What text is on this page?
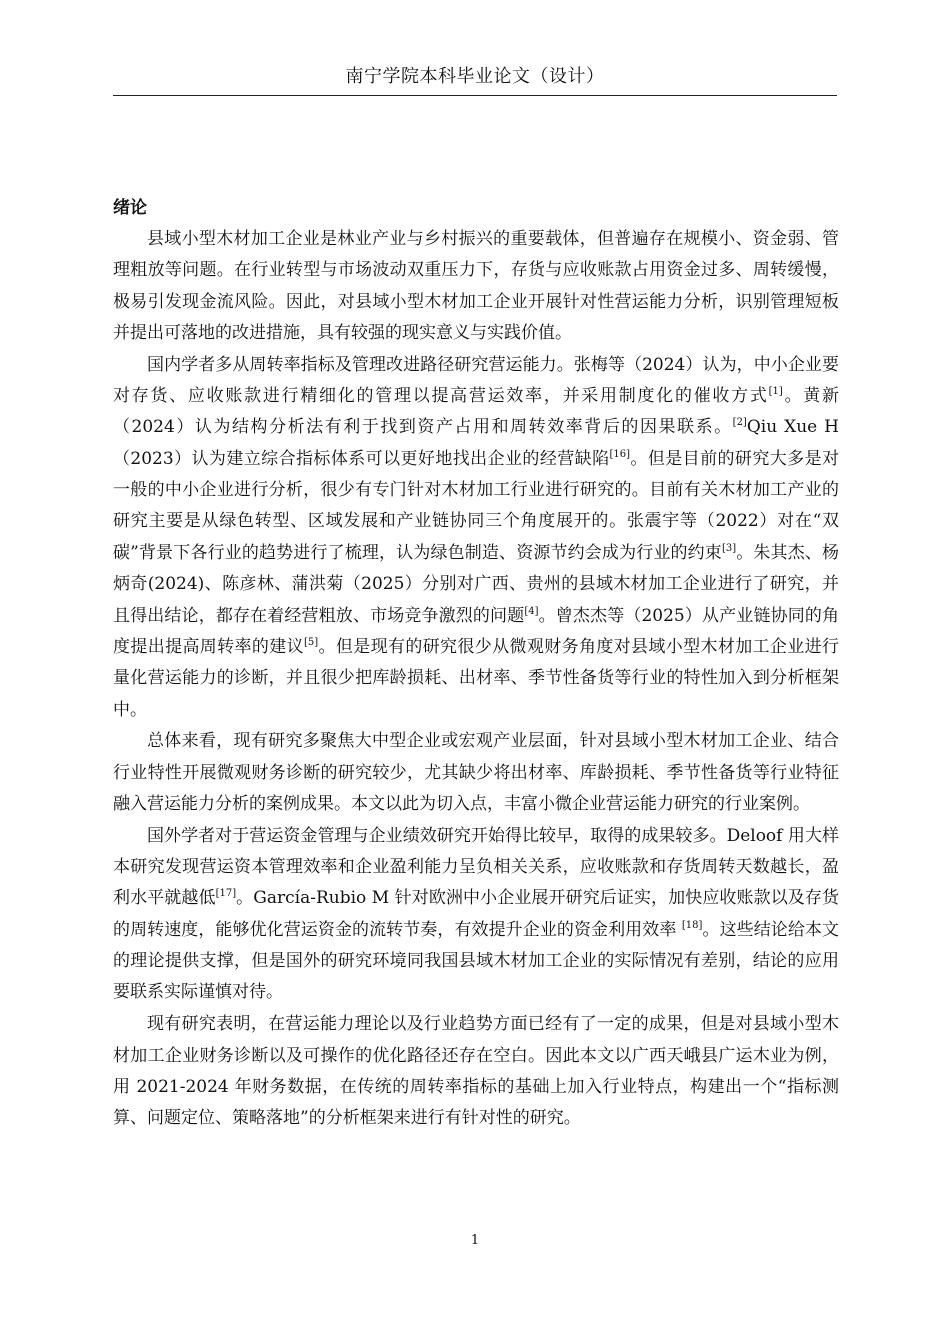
南宁学院本科毕业论文（设计）
绪论

县域小型木材加工企业是林业产业与乡村振兴的重要载体，但普遍存在规模小、资金弱、管理粗放等问题。在行业转型与市场波动双重压力下，存货与应收账款占用资金过多、周转缓慢，极易引发现金流风险。因此，对县域小型木材加工企业开展针对性营运能力分析，识别管理短板并提出可落地的改进措施，具有较强的现实意义与实践价值。

国内学者多从周转率指标及管理改进路径研究营运能力。张梅等（2024）认为，中小企业要对存货、应收账款进行精细化的管理以提高营运效率，并采用制度化的催收方式[1]。黄新（2024）认为结构分析法有利于找到资产占用和周转效率背后的因果联系。[2]Qiu Xue H（2023）认为建立综合指标体系可以更好地找出企业的经营缺陷[16]。但是目前的研究大多是对一般的中小企业进行分析，很少有专门针对木材加工行业进行研究的。目前有关木材加工产业的研究主要是从绿色转型、区域发展和产业链协同三个角度展开的。张震宇等（2022）对在“双碳”背景下各行业的趋势进行了梳理，认为绿色制造、资源节约会成为行业的约束[3]。朱其杰、杨炳奇(2024)、陈彦林、蒲洪菊（2025）分别对广西、贵州的县域木材加工企业进行了研究，并且得出结论，都存在着经营粗放、市场竞争激烈的问题[4]。曾杰杰等（2025）从产业链协同的角度提出提高周转率的建议[5]。但是现有的研究很少从微观财务角度对县域小型木材加工企业进行量化营运能力的诊断，并且很少把库龄损耗、出材率、季节性备货等行业的特性加入到分析框架中。

总体来看，现有研究多聚焦大中型企业或宏观产业层面，针对县域小型木材加工企业、结合行业特性开展微观财务诊断的研究较少，尤其缺少将出材率、库龄损耗、季节性备货等行业特征融入营运能力分析的案例成果。本文以此为切入点，丰富小微企业营运能力研究的行业案例。

国外学者对于营运资金管理与企业绩效研究开始得比较早，取得的成果较多。Deloof 用大样本研究发现营运资本管理效率和企业盈利能力呈负相关关系，应收账款和存货周转天数越长，盈利水平就越低[17]。García-Rubio M 针对欧洲中小企业展开研究后证实，加快应收账款以及存货的周转速度，能够优化营运资金的流转节奏，有效提升企业的资金利用效率 [18]。这些结论给本文的理论提供支撑，但是国外的研究环境同我国县域木材加工企业的实际情况有差别，结论的应用要联系实际谨慎对待。

现有研究表明，在营运能力理论以及行业趋势方面已经有了一定的成果，但是对县域小型木材加工企业财务诊断以及可操作的优化路径还存在空白。因此本文以广西天峨县广运木业为例，用 2021-2024 年财务数据，在传统的周转率指标的基础上加入行业特点，构建出一个“指标测算、问题定位、策略落地”的分析框架来进行有针对性的研究。

1
